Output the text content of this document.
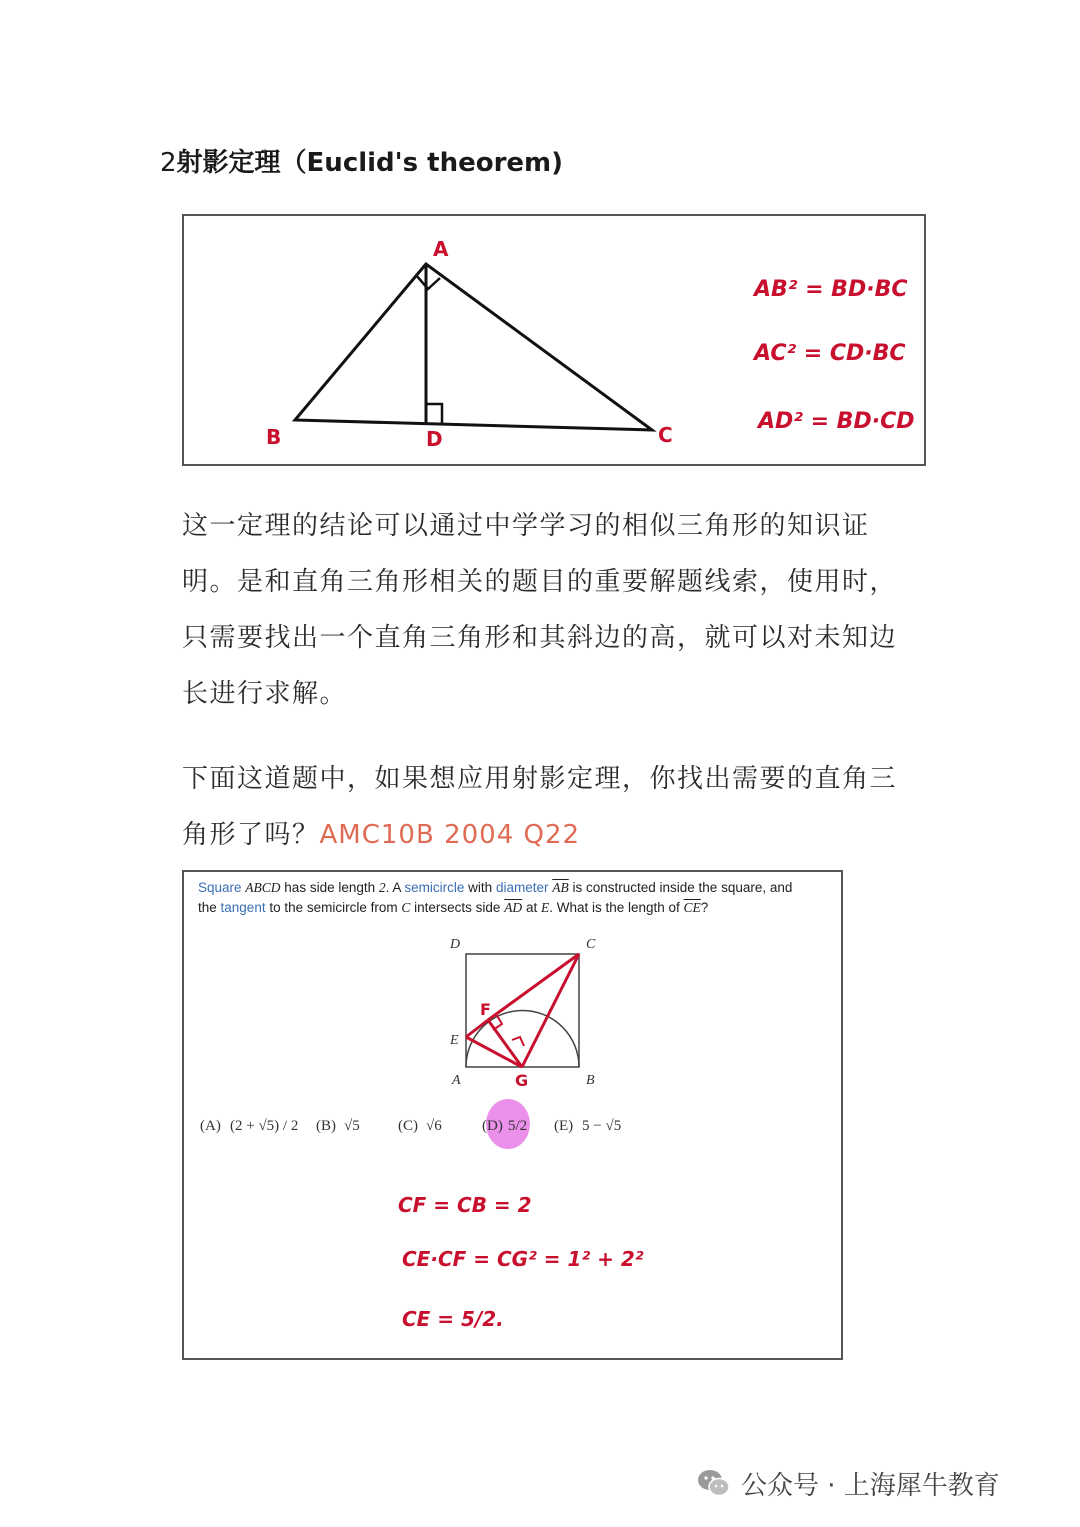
2射影定理（Euclid's theorem)
A
B	C
D
AB² = BD·BC
AC² = CD·BC
AD² = BD·CD
这一定理的结论可以通过中学学习的相似三角形的知识证明。是和直角三角形相关的题目的重要解题线索，使用时，只需要找出一个直角三角形和其斜边的高，就可以对未知边长进行求解。
下面这道题中，如果想应用射影定理，你找出需要的直角三角形了吗？AMC10B 2004 Q22
Square ABCD has side length 2. A semicircle with diameter $\overline{AB}$ is constructed inside the square, and
the tangent to the semicircle from C intersects side $\overline{AD}$ at E. What is the length of $\overline{CE}$?
D	C
E
A	B
F
G
(A) (2 + √5) / 2 (B) √5	(C) √6	(D) 5/2 (E) 5 − √5
CF = CB = 2
CE·CF = CG² = 1² + 2²
CE = 5/2.
公众号 · 上海犀牛教育
